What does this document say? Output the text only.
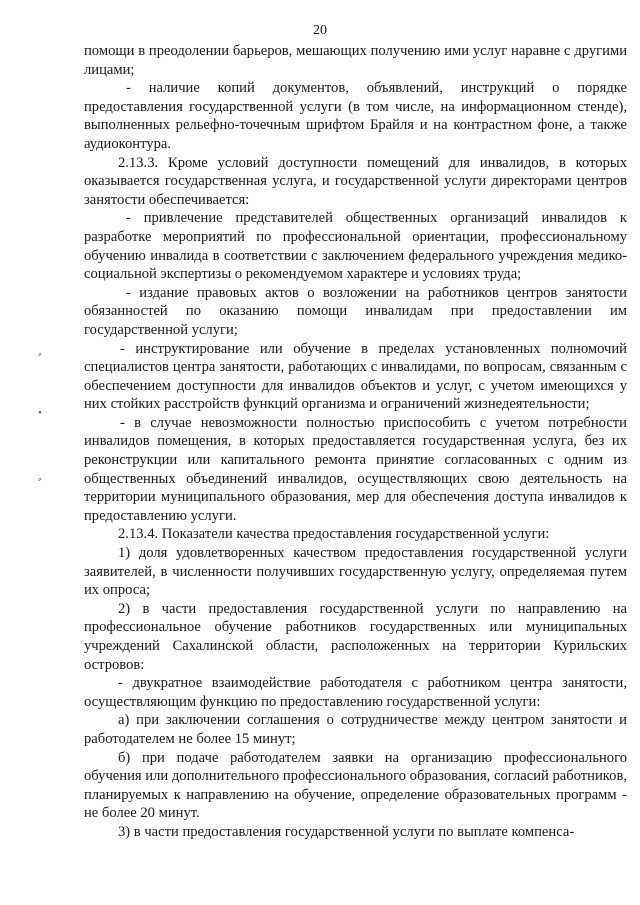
20
⸗
•
⸗

помощи в преодолении барьеров, мешающих получению ими услуг наравне с другими лицами;

- наличие копий документов, объявлений, инструкций о порядке предоставления государственной услуги (в том числе, на информационном стенде), выполненных рельефно-точечным шрифтом Брайля и на контрастном фоне, а также аудиоконтура.

2.13.3. Кроме условий доступности помещений для инвалидов, в которых оказывается государственная услуга, и государственной услуги директорами центров занятости обеспечивается:

- привлечение представителей общественных организаций инвалидов к разработке мероприятий по профессиональной ориентации, профессиональному обучению инвалида в соответствии с заключением федерального учреждения медико-социальной экспертизы о рекомендуемом характере и условиях труда;

- издание правовых актов о возложении на работников центров занятости обязанностей по оказанию помощи инвалидам при предоставлении им государственной услуги;

- инструктирование или обучение в пределах установленных полномочий специалистов центра занятости, работающих с инвалидами, по вопросам, связанным с обеспечением доступности для инвалидов объектов и услуг, с учетом имеющихся у них стойких расстройств функций организма и ограничений жизнедеятельности;

- в случае невозможности полностью приспособить с учетом потребности инвалидов помещения, в которых предоставляется государственная услуга, без их реконструкции или капитального ремонта принятие согласованных с одним из общественных объединений инвалидов, осуществляющих свою деятельность на территории муниципального образования, мер для обеспечения доступа инвалидов к предоставлению услуги.

2.13.4. Показатели качества предоставления государственной услуги:

1) доля удовлетворенных качеством предоставления государственной услуги заявителей, в численности получивших государственную услугу, определяемая путем их опроса;

2) в части предоставления государственной услуги по направлению на профессиональное обучение работников государственных или муниципальных учреждений Сахалинской области, расположенных на территории Курильских островов:

- двукратное взаимодействие работодателя с работником центра занятости, осуществляющим функцию по предоставлению государственной услуги:

а) при заключении соглашения о сотрудничестве между центром занятости и работодателем не более 15 минут;

б) при подаче работодателем заявки на организацию профессионального обучения или дополнительного профессионального образования, согласий работников, планируемых к направлению на обучение, определение образовательных программ - не более 20 минут.

3) в части предоставления государственной услуги по выплате компенса-
